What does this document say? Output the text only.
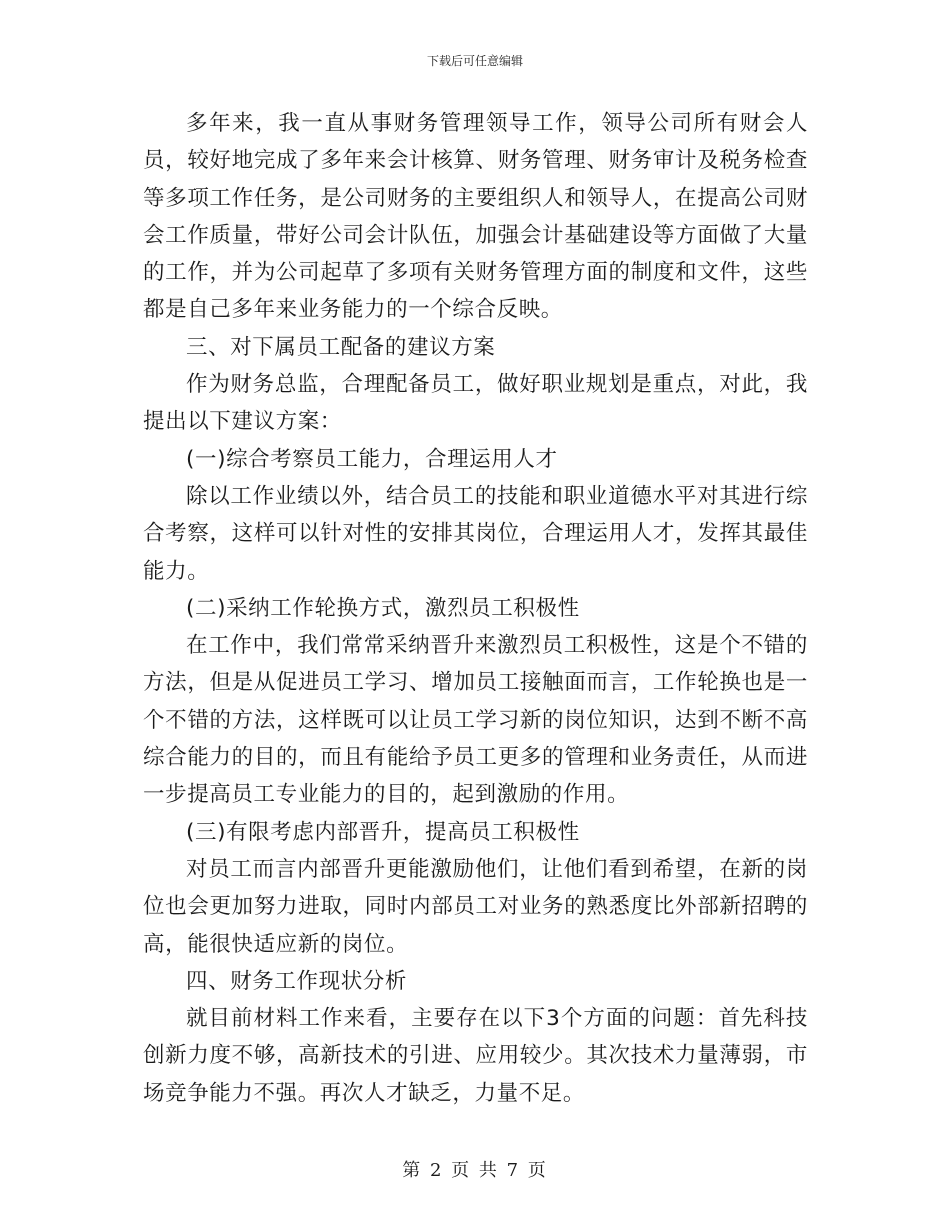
下载后可任意编辑

多年来，我一直从事财务管理领导工作，领导公司所有财会人员，较好地完成了多年来会计核算、财务管理、财务审计及税务检查等多项工作任务，是公司财务的主要组织人和领导人，在提高公司财会工作质量，带好公司会计队伍，加强会计基础建设等方面做了大量的工作，并为公司起草了多项有关财务管理方面的制度和文件，这些都是自己多年来业务能力的一个综合反映。

三、对下属员工配备的建议方案

作为财务总监，合理配备员工，做好职业规划是重点，对此，我提出以下建议方案：

(一)综合考察员工能力，合理运用人才

除以工作业绩以外，结合员工的技能和职业道德水平对其进行综合考察，这样可以针对性的安排其岗位，合理运用人才，发挥其最佳能力。

(二)采纳工作轮换方式，激烈员工积极性

在工作中，我们常常采纳晋升来激烈员工积极性，这是个不错的方法，但是从促进员工学习、增加员工接触面而言，工作轮换也是一个不错的方法，这样既可以让员工学习新的岗位知识，达到不断不高综合能力的目的，而且有能给予员工更多的管理和业务责任，从而进一步提高员工专业能力的目的，起到激励的作用。

(三)有限考虑内部晋升，提高员工积极性

对员工而言内部晋升更能激励他们，让他们看到希望，在新的岗位也会更加努力进取，同时内部员工对业务的熟悉度比外部新招聘的高，能很快适应新的岗位。

四、财务工作现状分析

就目前材料工作来看，主要存在以下3个方面的问题：首先科技创新力度不够，高新技术的引进、应用较少。其次技术力量薄弱，市场竞争能力不强。再次人才缺乏，力量不足。

第 2 页 共 7 页
